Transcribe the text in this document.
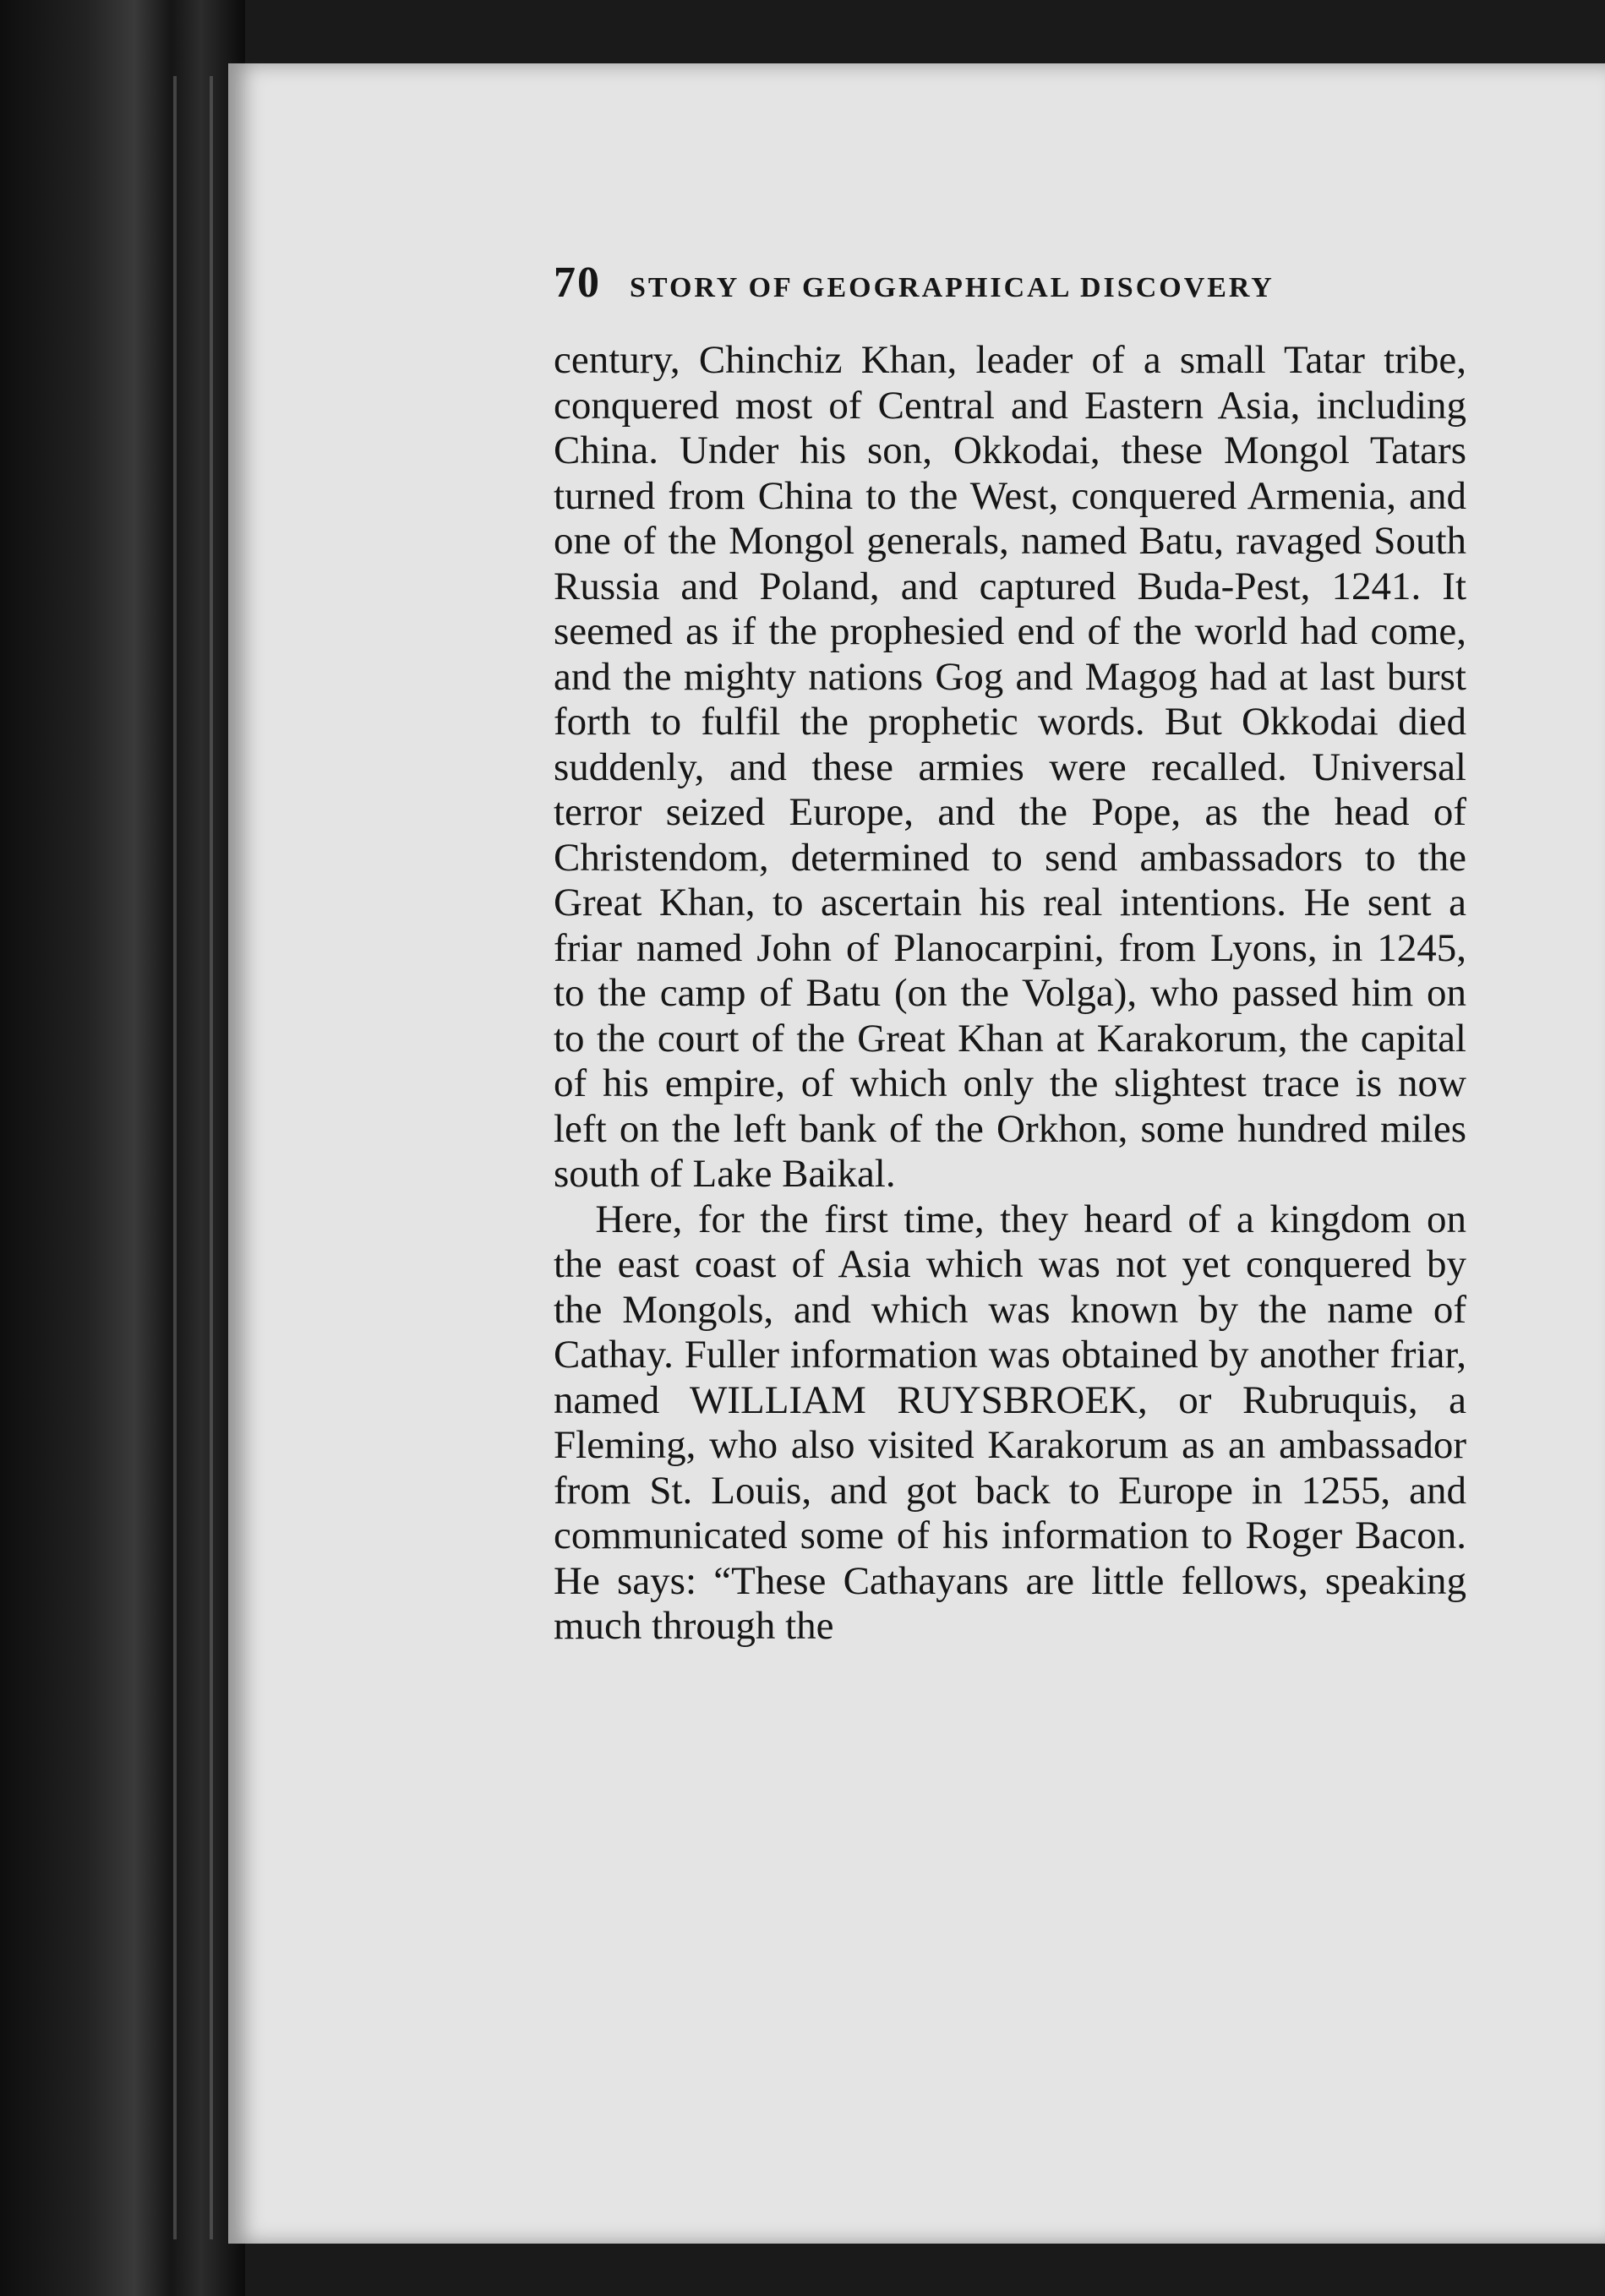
70 STORY OF GEOGRAPHICAL DISCOVERY

century, Chinchiz Khan, leader of a small Tatar tribe, conquered most of Central and Eastern Asia, including China. Under his son, Okkodai, these Mongol Tatars turned from China to the West, conquered Armenia, and one of the Mongol generals, named Batu, ravaged South Russia and Poland, and captured Buda-Pest, 1241. It seemed as if the prophesied end of the world had come, and the mighty nations Gog and Magog had at last burst forth to fulfil the prophetic words. But Okkodai died suddenly, and these armies were recalled. Universal terror seized Europe, and the Pope, as the head of Christendom, determined to send ambassadors to the Great Khan, to ascertain his real intentions. He sent a friar named John of Planocarpini, from Lyons, in 1245, to the camp of Batu (on the Volga), who passed him on to the court of the Great Khan at Karakorum, the capital of his empire, of which only the slightest trace is now left on the left bank of the Orkhon, some hundred miles south of Lake Baikal.

Here, for the first time, they heard of a kingdom on the east coast of Asia which was not yet conquered by the Mongols, and which was known by the name of Cathay. Fuller information was obtained by another friar, named WILLIAM RUYSBROEK, or Rubruquis, a Fleming, who also visited Karakorum as an ambassador from St. Louis, and got back to Europe in 1255, and communicated some of his information to Roger Bacon. He says: “These Cathayans are little fellows, speaking much through the
